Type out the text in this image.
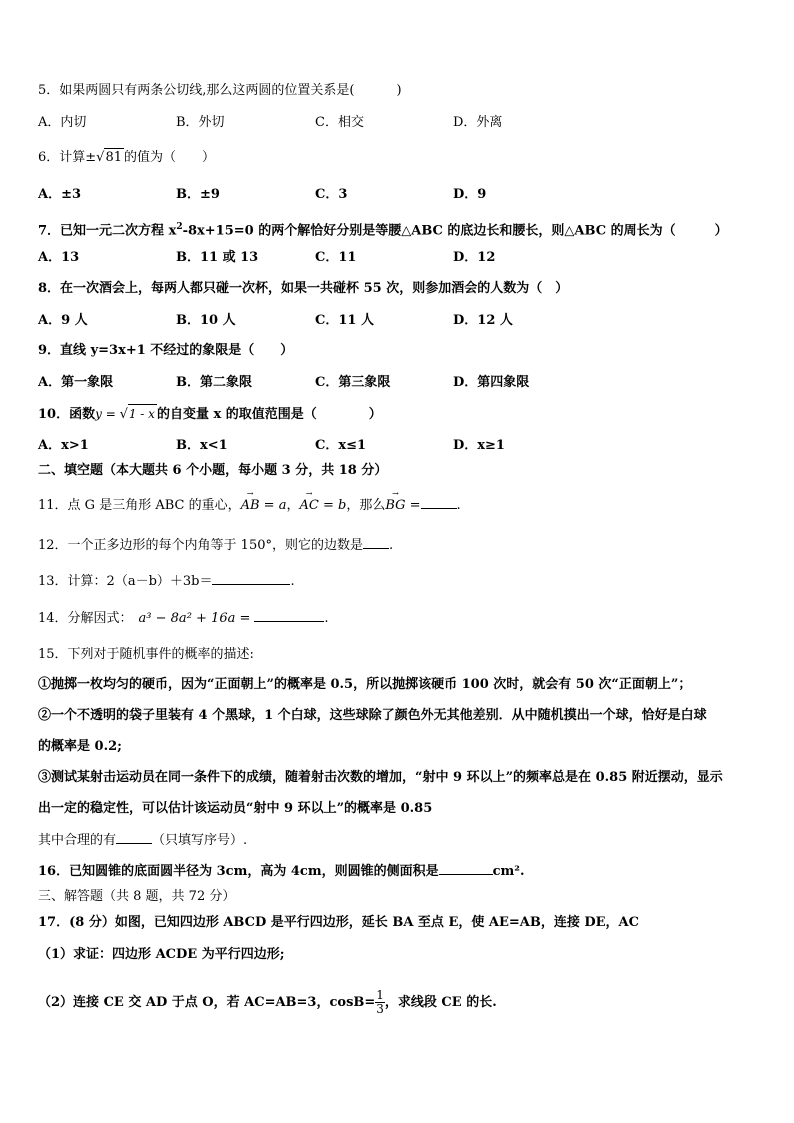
5．如果两圆只有两条公切线,那么这两圆的位置关系是(	)
A．内切	B．外切	C．相交	D．外离
6．计算±√81 的值为（　　）
A．±3	B．±9	C．3	D．9
7．已知一元二次方程 $x^2-8x+15=0$ 的两个解恰好分别是等腰△ABC 的底边长和腰长，则△ABC 的周长为（　　　）
A．13	B．11 或 13	C．11	D．12
8．在一次酒会上，每两人都只碰一次杯，如果一共碰杯 55 次，则参加酒会的人数为（　）
A．9 人	B．10 人	C．11 人	D．12 人
9．直线 y=3x+1 不经过的象限是（　　）
A．第一象限	B．第二象限	C．第三象限	D．第四象限
10．函数y = √1 - x 的自变量 x 的取值范围是（　　　　）
A．x>1	B．x<1	C．x≤1	D．x≥1
二、填空题（本大题共 6 个小题，每小题 3 分，共 18 分）
11．点 G 是三角形 ABC 的重心，
→
AB = a，
→
AC = b，那么
→
BG =	.
12．一个正多边形的每个内角等于 150°，则它的边数是 .
13．计算：2（a－b）＋3b＝	.
14．分解因式： a³ − 8a² + 16a =	.
15．下列对于随机事件的概率的描述:
①抛掷一枚均匀的硬币，因为“正面朝上”的概率是 0.5，所以抛掷该硬币 100 次时，就会有 50 次“正面朝上”；
②一个不透明的袋子里装有 4 个黑球，1 个白球，这些球除了颜色外无其他差别．从中随机摸出一个球，恰好是白球
的概率是 0.2;
③测试某射击运动员在同一条件下的成绩，随着射击次数的增加，“射中 9 环以上”的频率总是在 0.85 附近摆动，显示
出一定的稳定性，可以估计该运动员“射中 9 环以上”的概率是 0.85
其中合理的有	（只填写序号）.
16．已知圆锥的底面圆半径为 3cm，高为 4cm，则圆锥的侧面积是	cm².
三、解答题（共 8 题，共 72 分）
17．(8 分）如图，已知四边形 ABCD 是平行四边形，延长 BA 至点 E，使 AE=AB，连接 DE，AC
（1）求证：四边形 ACDE 为平行四边形;
（2）连接 CE 交 AD 于点 O，若 AC=AB=3，$\cos B= \frac{1}{3}$ ，求线段 CE 的长.
